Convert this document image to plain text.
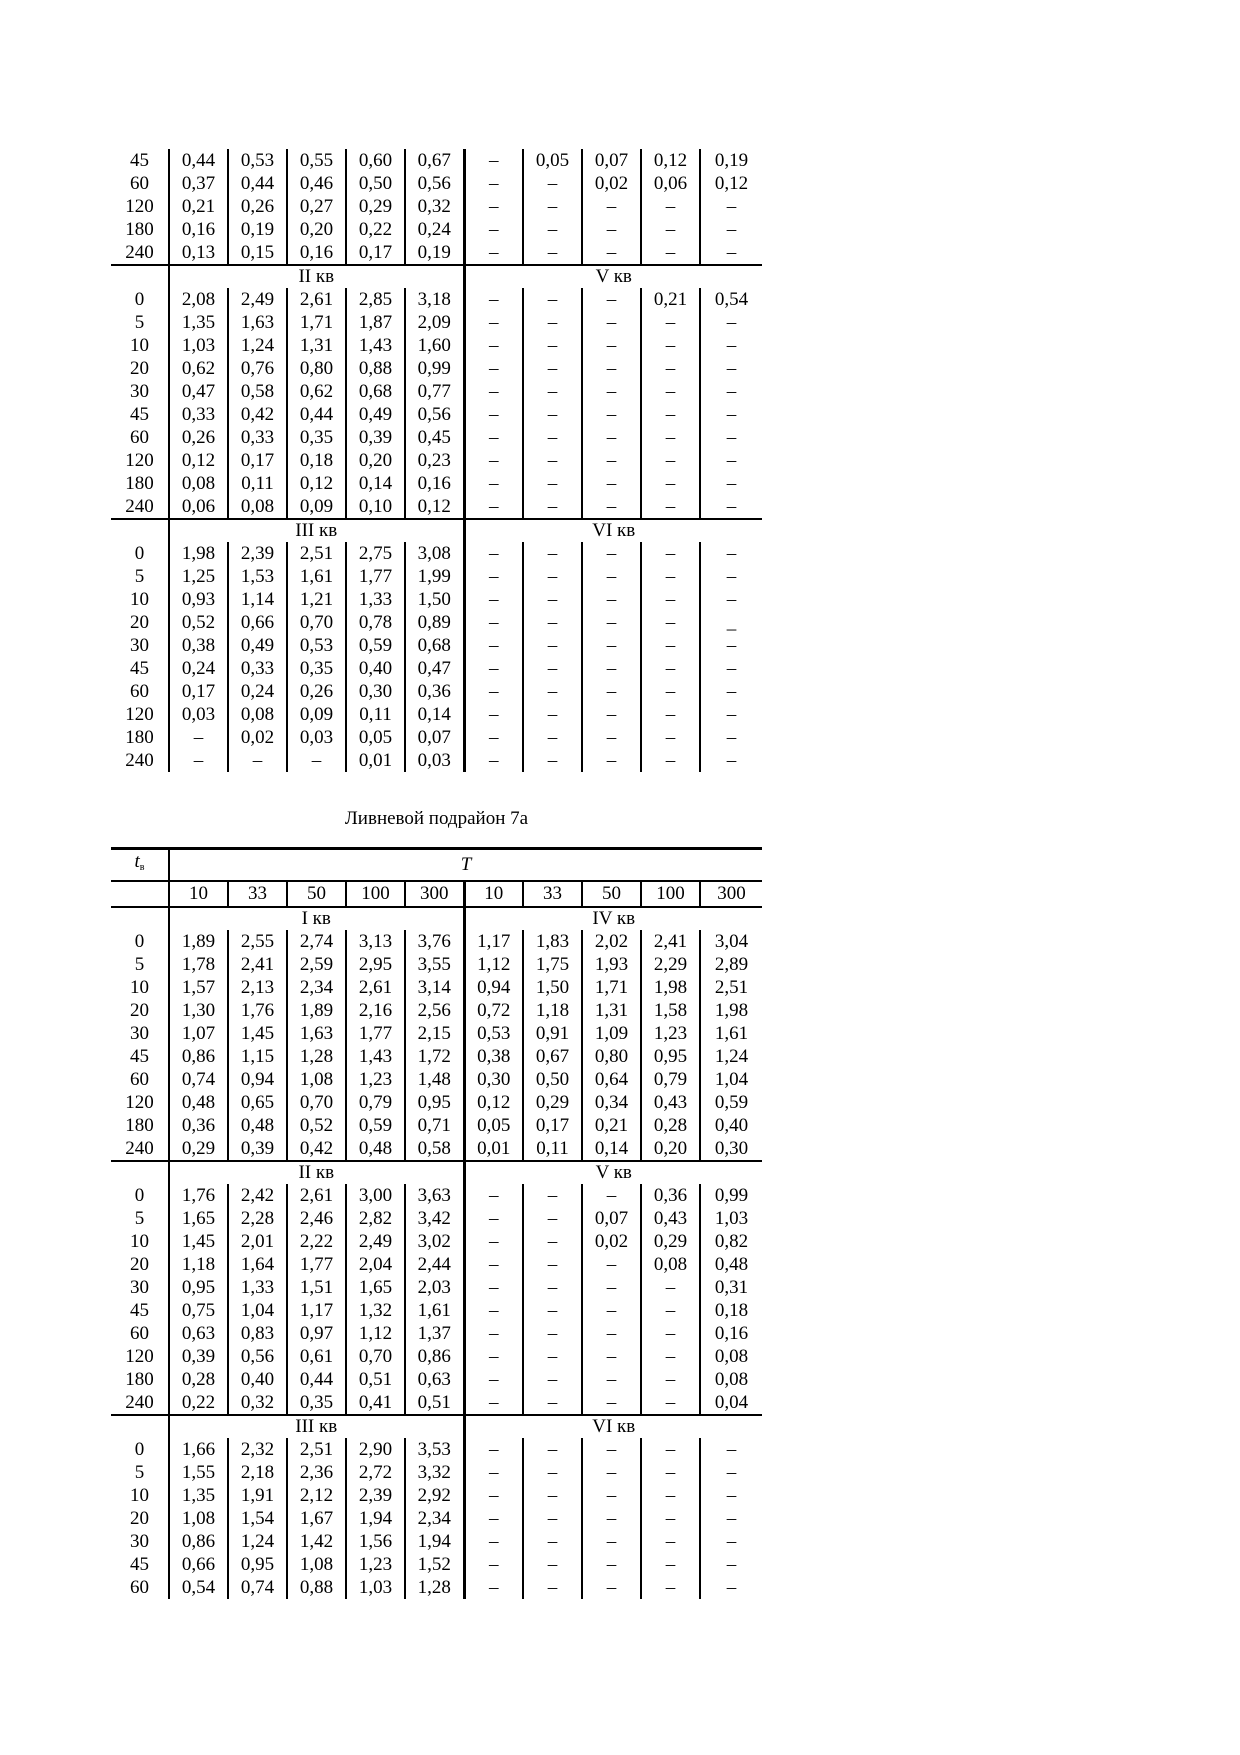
45	0,44	0,53	0,55	0,60	0,67	–	0,05	0,07	0,12	0,19
60	0,37	0,44	0,46	0,50	0,56	–	–	0,02	0,06	0,12
120	0,21	0,26	0,27	0,29	0,32	–	–	–	–	–
180	0,16	0,19	0,20	0,22	0,24	–	–	–	–	–
240	0,13	0,15	0,16	0,17	0,19	–	–	–	–	–
	II кв					V кв				
0	2,08	2,49	2,61	2,85	3,18	–	–	–	0,21	0,54
5	1,35	1,63	1,71	1,87	2,09	–	–	–	–	–
10	1,03	1,24	1,31	1,43	1,60	–	–	–	–	–
20	0,62	0,76	0,80	0,88	0,99	–	–	–	–	–
30	0,47	0,58	0,62	0,68	0,77	–	–	–	–	–
45	0,33	0,42	0,44	0,49	0,56	–	–	–	–	–
60	0,26	0,33	0,35	0,39	0,45	–	–	–	–	–
120	0,12	0,17	0,18	0,20	0,23	–	–	–	–	–
180	0,08	0,11	0,12	0,14	0,16	–	–	–	–	–
240	0,06	0,08	0,09	0,10	0,12	–	–	–	–	–
	III кв					VI кв				
0	1,98	2,39	2,51	2,75	3,08	–	–	–	–	–
5	1,25	1,53	1,61	1,77	1,99	–	–	–	–	–
10	0,93	1,14	1,21	1,33	1,50	–	–	–	–	–
20	0,52	0,66	0,70	0,78	0,89	–	–	–	–	_
30	0,38	0,49	0,53	0,59	0,68	–	–	–	–	–
45	0,24	0,33	0,35	0,40	0,47	–	–	–	–	–
60	0,17	0,24	0,26	0,30	0,36	–	–	–	–	–
120	0,03	0,08	0,09	0,11	0,14	–	–	–	–	–
180	–	0,02	0,03	0,05	0,07	–	–	–	–	–
240	–	–	–	0,01	0,03	–	–	–	–	–
Ливневой подрайон 7а
tв	T									
	10	33	50	100	300	10	33	50	100	300
	I кв					IV кв				
0	1,89	2,55	2,74	3,13	3,76	1,17	1,83	2,02	2,41	3,04
5	1,78	2,41	2,59	2,95	3,55	1,12	1,75	1,93	2,29	2,89
10	1,57	2,13	2,34	2,61	3,14	0,94	1,50	1,71	1,98	2,51
20	1,30	1,76	1,89	2,16	2,56	0,72	1,18	1,31	1,58	1,98
30	1,07	1,45	1,63	1,77	2,15	0,53	0,91	1,09	1,23	1,61
45	0,86	1,15	1,28	1,43	1,72	0,38	0,67	0,80	0,95	1,24
60	0,74	0,94	1,08	1,23	1,48	0,30	0,50	0,64	0,79	1,04
120	0,48	0,65	0,70	0,79	0,95	0,12	0,29	0,34	0,43	0,59
180	0,36	0,48	0,52	0,59	0,71	0,05	0,17	0,21	0,28	0,40
240	0,29	0,39	0,42	0,48	0,58	0,01	0,11	0,14	0,20	0,30
	II кв					V кв				
0	1,76	2,42	2,61	3,00	3,63	–	–	–	0,36	0,99
5	1,65	2,28	2,46	2,82	3,42	–	–	0,07	0,43	1,03
10	1,45	2,01	2,22	2,49	3,02	–	–	0,02	0,29	0,82
20	1,18	1,64	1,77	2,04	2,44	–	–	–	0,08	0,48
30	0,95	1,33	1,51	1,65	2,03	–	–	–	–	0,31
45	0,75	1,04	1,17	1,32	1,61	–	–	–	–	0,18
60	0,63	0,83	0,97	1,12	1,37	–	–	–	–	0,16
120	0,39	0,56	0,61	0,70	0,86	–	–	–	–	0,08
180	0,28	0,40	0,44	0,51	0,63	–	–	–	–	0,08
240	0,22	0,32	0,35	0,41	0,51	–	–	–	–	0,04
	III кв					VI кв				
0	1,66	2,32	2,51	2,90	3,53	–	–	–	–	–
5	1,55	2,18	2,36	2,72	3,32	–	–	–	–	–
10	1,35	1,91	2,12	2,39	2,92	–	–	–	–	–
20	1,08	1,54	1,67	1,94	2,34	–	–	–	–	–
30	0,86	1,24	1,42	1,56	1,94	–	–	–	–	–
45	0,66	0,95	1,08	1,23	1,52	–	–	–	–	–
60	0,54	0,74	0,88	1,03	1,28	–	–	–	–	–
